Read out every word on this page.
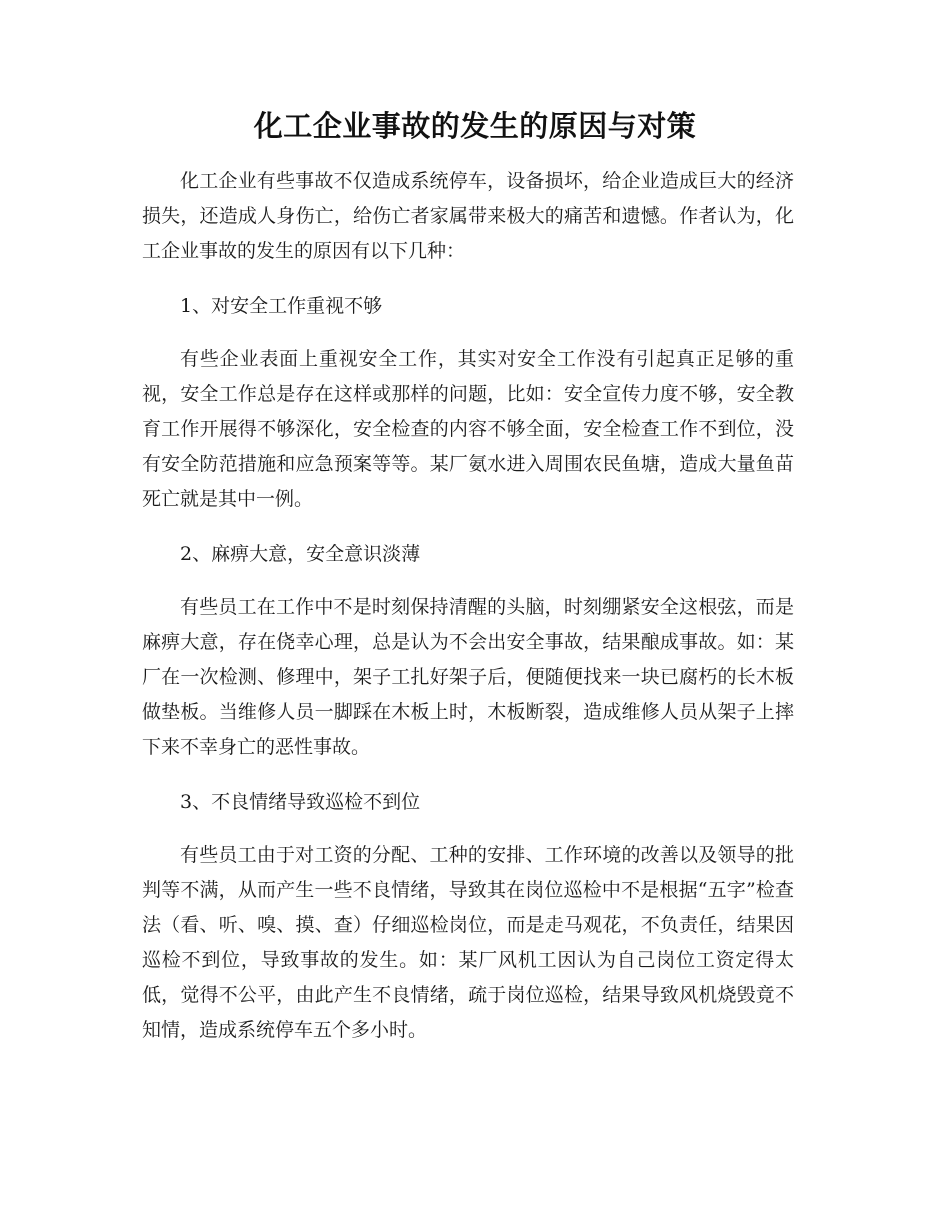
化工企业事故的发生的原因与对策

化工企业有些事故不仅造成系统停车，设备损坏，给企业造成巨大的经济损失，还造成人身伤亡，给伤亡者家属带来极大的痛苦和遗憾。作者认为，化工企业事故的发生的原因有以下几种：

1、对安全工作重视不够

有些企业表面上重视安全工作，其实对安全工作没有引起真正足够的重视，安全工作总是存在这样或那样的问题，比如：安全宣传力度不够，安全教育工作开展得不够深化，安全检查的内容不够全面，安全检查工作不到位，没有安全防范措施和应急预案等等。某厂氨水进入周围农民鱼塘，造成大量鱼苗死亡就是其中一例。

2、麻痹大意，安全意识淡薄

有些员工在工作中不是时刻保持清醒的头脑，时刻绷紧安全这根弦，而是麻痹大意，存在侥幸心理，总是认为不会出安全事故，结果酿成事故。如：某厂在一次检测、修理中，架子工扎好架子后，便随便找来一块已腐朽的长木板做垫板。当维修人员一脚踩在木板上时，木板断裂，造成维修人员从架子上摔下来不幸身亡的恶性事故。

3、不良情绪导致巡检不到位

有些员工由于对工资的分配、工种的安排、工作环境的改善以及领导的批判等不满，从而产生一些不良情绪，导致其在岗位巡检中不是根据“五字”检查法（看、听、嗅、摸、查）仔细巡检岗位，而是走马观花，不负责任，结果因巡检不到位，导致事故的发生。如：某厂风机工因认为自己岗位工资定得太低，觉得不公平，由此产生不良情绪，疏于岗位巡检，结果导致风机烧毁竟不知情，造成系统停车五个多小时。
